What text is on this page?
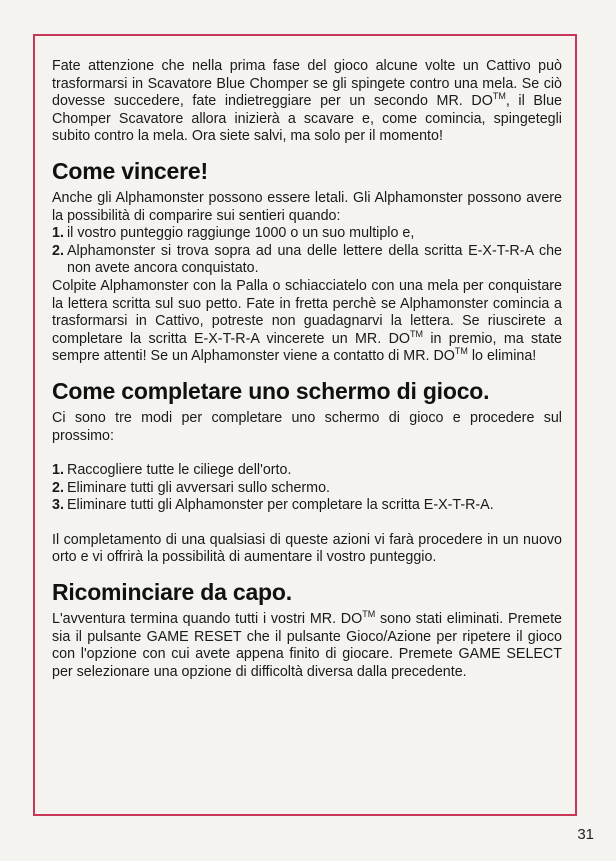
Fate attenzione che nella prima fase del gioco alcune volte un Cattivo può trasformarsi in Scavatore Blue Chomper se gli spingete contro una mela. Se ciò dovesse succedere, fate indietreggiare per un secondo MR. DO™, il Blue Chomper Scavatore allora inizierà a scavare e, come comincia, spingetegli subito contro la mela. Ora siete salvi, ma solo per il momento!

Come vincere!

Anche gli Alphamonster possono essere letali. Gli Alphamonster possono avere la possibilità di comparire sui sentieri quando:

1. il vostro punteggio raggiunge 1000 o un suo multiplo e,
2. Alphamonster si trova sopra ad una delle lettere della scritta E-X-T-R-A che non avete ancora conquistato.

Colpite Alphamonster con la Palla o schiacciatelo con una mela per conquistare la lettera scritta sul suo petto. Fate in fretta perchè se Alphamonster comincia a trasformarsi in Cattivo, potreste non guadagnarvi la lettera. Se riuscirete a completare la scritta E-X-T-R-A vincerete un MR. DO™ in premio, ma state sempre attenti! Se un Alphamonster viene a contatto di MR. DO™ lo elimina!

Come completare uno schermo di gioco.

Ci sono tre modi per completare uno schermo di gioco e procedere sul prossimo:

1. Raccogliere tutte le ciliege dell'orto.
2. Eliminare tutti gli avversari sullo schermo.
3. Eliminare tutti gli Alphamonster per completare la scritta E-X-T-R-A.

Il completamento di una qualsiasi di queste azioni vi farà procedere in un nuovo orto e vi offrirà la possibilità di aumentare il vostro punteggio.

Ricominciare da capo.

L'avventura termina quando tutti i vostri MR. DO™ sono stati eliminati. Premete sia il pulsante GAME RESET che il pulsante Gioco/Azione per ripetere il gioco con l'opzione con cui avete appena finito di giocare. Premete GAME SELECT per selezionare una opzione di difficoltà diversa dalla precedente.

31
